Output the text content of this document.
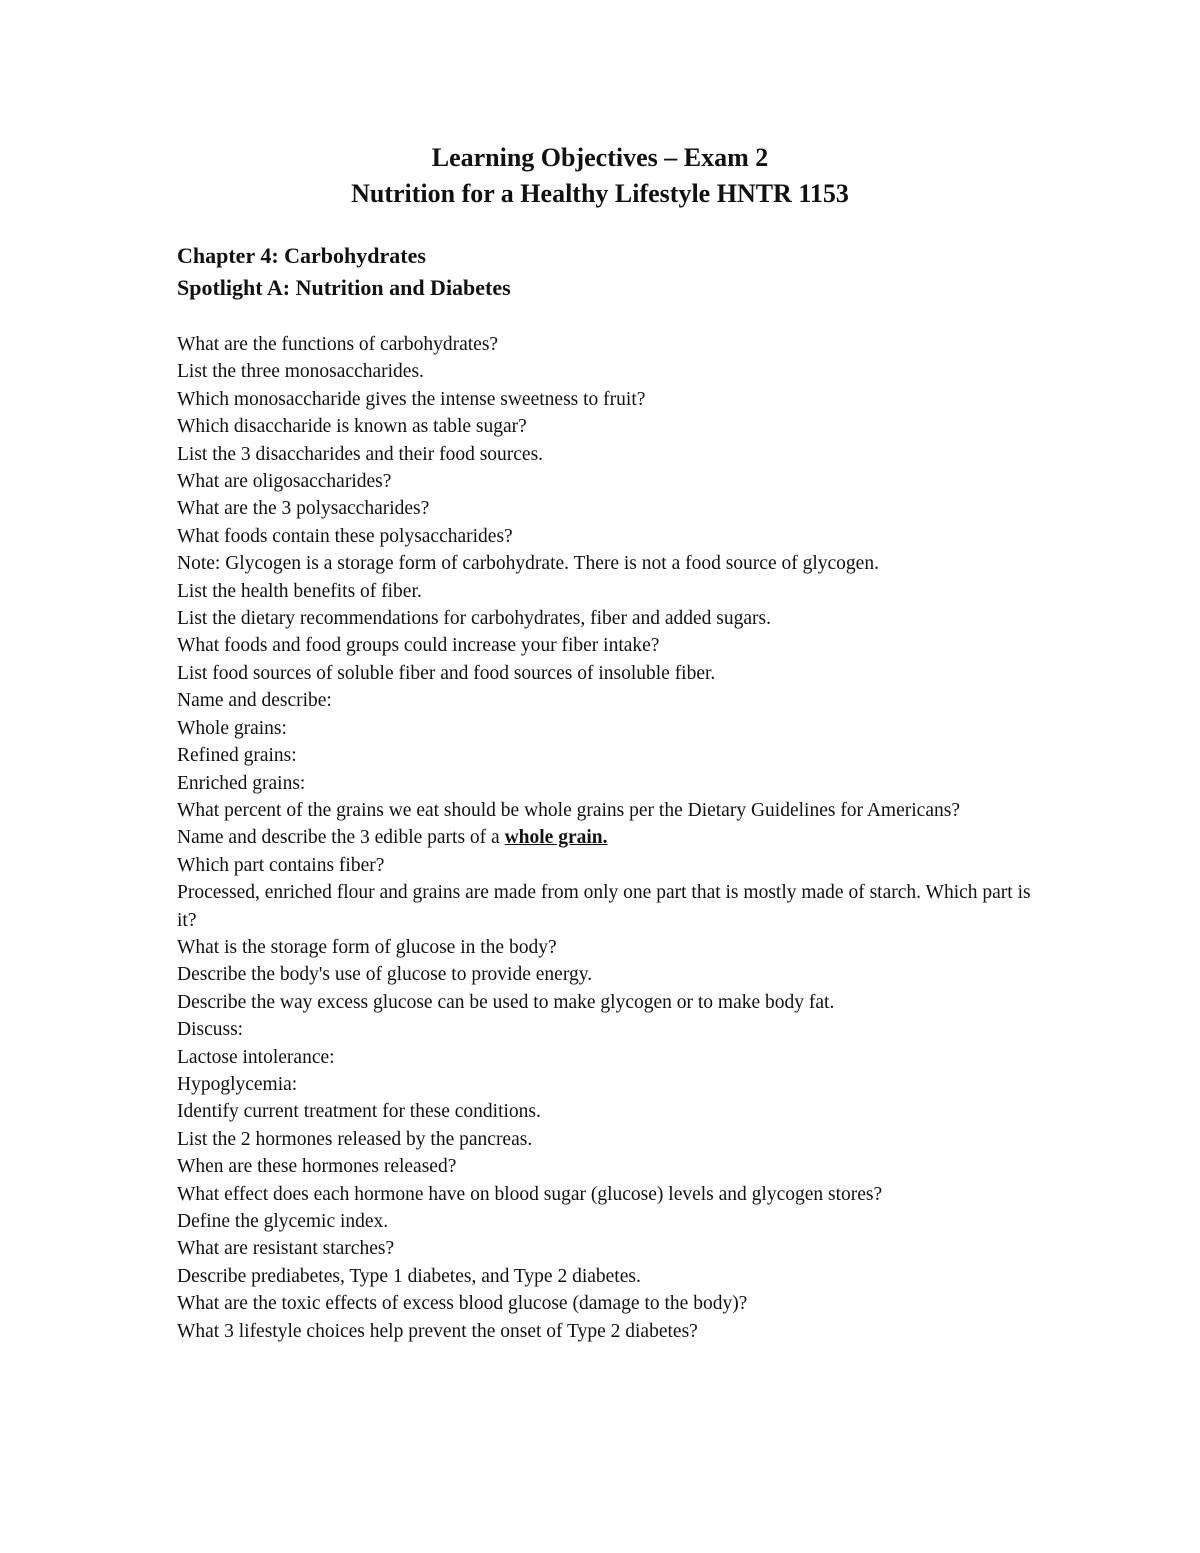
Learning Objectives – Exam 2

Nutrition for a Healthy Lifestyle HNTR 1153

Chapter 4: Carbohydrates

Spotlight A: Nutrition and Diabetes

What are the functions of carbohydrates?
List the three monosaccharides.
Which monosaccharide gives the intense sweetness to fruit?
Which disaccharide is known as table sugar?
List the 3 disaccharides and their food sources.
What are oligosaccharides?
What are the 3 polysaccharides?
What foods contain these polysaccharides?
Note: Glycogen is a storage form of carbohydrate. There is not a food source of glycogen.
List the health benefits of fiber.
List the dietary recommendations for carbohydrates, fiber and added sugars.
What foods and food groups could increase your fiber intake?
List food sources of soluble fiber and food sources of insoluble fiber.
Name and describe:
Whole grains:
Refined grains:
Enriched grains:
What percent of the grains we eat should be whole grains per the Dietary Guidelines for Americans?
Name and describe the 3 edible parts of a whole grain.
Which part contains fiber?
Processed, enriched flour and grains are made from only one part that is mostly made of starch. Which part is it?
What is the storage form of glucose in the body?
Describe the body's use of glucose to provide energy.
Describe the way excess glucose can be used to make glycogen or to make body fat.
Discuss:
Lactose intolerance:
Hypoglycemia:
Identify current treatment for these conditions.
List the 2 hormones released by the pancreas.
When are these hormones released?
What effect does each hormone have on blood sugar (glucose) levels and glycogen stores?
Define the glycemic index.
What are resistant starches?
Describe prediabetes, Type 1 diabetes, and Type 2 diabetes.
What are the toxic effects of excess blood glucose (damage to the body)?
What 3 lifestyle choices help prevent the onset of Type 2 diabetes?
